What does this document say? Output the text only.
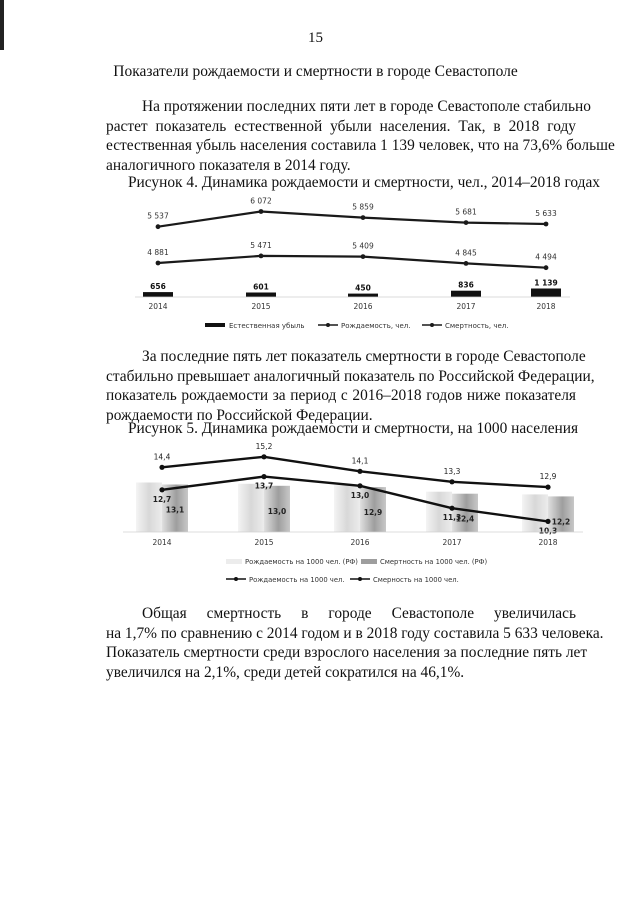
15
Показатели рождаемости и смертности в городе Севастополе

На протяжении последних пяти лет в городе Севастополе стабильно
растет показатель естественной убыли населения. Так, в 2018 году
естественная убыль населения составила 1 139 человек, что на 73,6% больше
аналогичного показателя в 2014 году.

Рисунок 4. Динамика рождаемости и смертности, чел., 2014–2018 годах
5 537
6 072
5 859
5 681	5 633
4 881
5 471	5 409
4 845	4 494
656	601	450	836	1 139
2014	2015	2016	2017	2018
Естественная убыль	Рождаемость, чел.	Смертность, чел.

За последние пять лет показатель смертности в городе Севастополе
стабильно превышает аналогичный показатель по Российской Федерации,
показатель рождаемости за период с 2016–2018 годов ниже показателя
рождаемости по Российской Федерации.

Рисунок 5. Динамика рождаемости и смертности, на 1000 населения
13,1	13,0	12,9
12,4	12,2
14,4
15,2
14,1
13,3
12,9
12,7
13,7
13,0
11,3
10,3
2014	2015	2016	2017	2018
Рождаемость на 1000 чел. (РФ)	Смертность на 1000 чел. (РФ)
Рождаемость на 1000 чел.	Смерность на 1000 чел.

Общая смертность в городе Севастополе увеличилась
на 1,7% по сравнению с 2014 годом и в 2018 году составила 5 633 человека.
Показатель смертности среди взрослого населения за последние пять лет
увеличился на 2,1%, среди детей сократился на 46,1%.
